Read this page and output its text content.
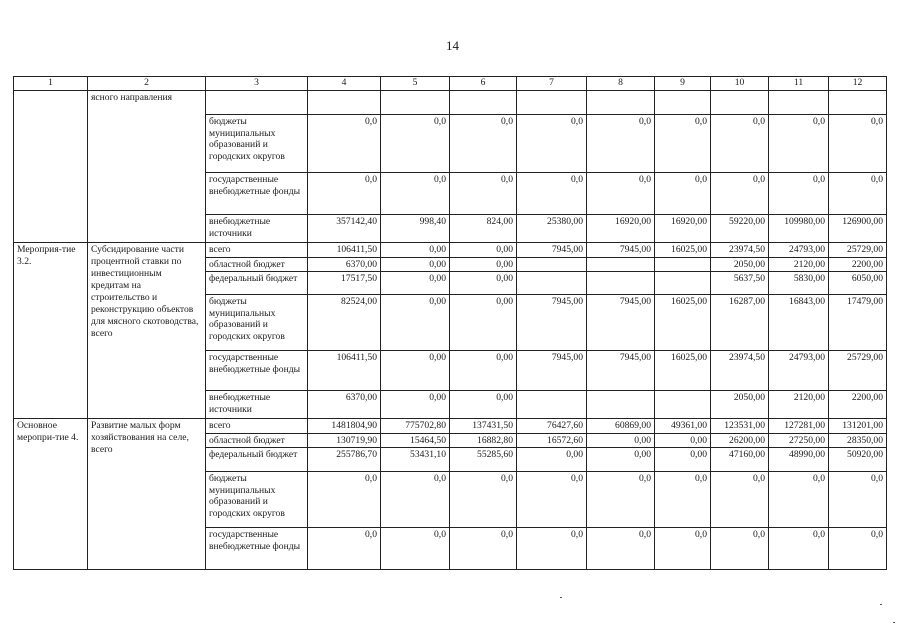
14
1	2	3	4	5	6	7	8	9	10	11	12
	ясного направления										
		бюджеты муниципальных образований и городских округов	0,0	0,0	0,0	0,0	0,0	0,0	0,0	0,0	0,0
		государственные внебюджетные фонды	0,0	0,0	0,0	0,0	0,0	0,0	0,0	0,0	0,0
		внебюджетные источники	357142,40	998,40	824,00	25380,00	16920,00	16920,00	59220,00	109980,00	126900,00
Мероприя-тие 3.2.	Субсидирование части процентной ставки по инвестиционным кредитам на строительство и реконструкцию объектов для мясного скотоводства, всего	всего	106411,50	0,00	0,00	7945,00	7945,00	16025,00	23974,50	24793,00	25729,00
		областной бюджет	6370,00	0,00	0,00				2050,00	2120,00	2200,00
		федеральный бюджет	17517,50	0,00	0,00				5637,50	5830,00	6050,00
		бюджеты муниципальных образований и городских округов	82524,00	0,00	0,00	7945,00	7945,00	16025,00	16287,00	16843,00	17479,00
		государственные внебюджетные фонды	106411,50	0,00	0,00	7945,00	7945,00	16025,00	23974,50	24793,00	25729,00
		внебюджетные источники	6370,00	0,00	0,00				2050,00	2120,00	2200,00
Основное меропри-тие 4.	Развитие малых форм хозяйствования на селе, всего	всего	1481804,90	775702,80	137431,50	76427,60	60869,00	49361,00	123531,00	127281,00	131201,00
		областной бюджет	130719,90	15464,50	16882,80	16572,60	0,00	0,00	26200,00	27250,00	28350,00
		федеральный бюджет	255786,70	53431,10	55285,60	0,00	0,00	0,00	47160,00	48990,00	50920,00
		бюджеты муниципальных образований и городских округов	0,0	0,0	0,0	0,0	0,0	0,0	0,0	0,0	0,0
		государственные внебюджетные фонды	0,0	0,0	0,0	0,0	0,0	0,0	0,0	0,0	0,0
